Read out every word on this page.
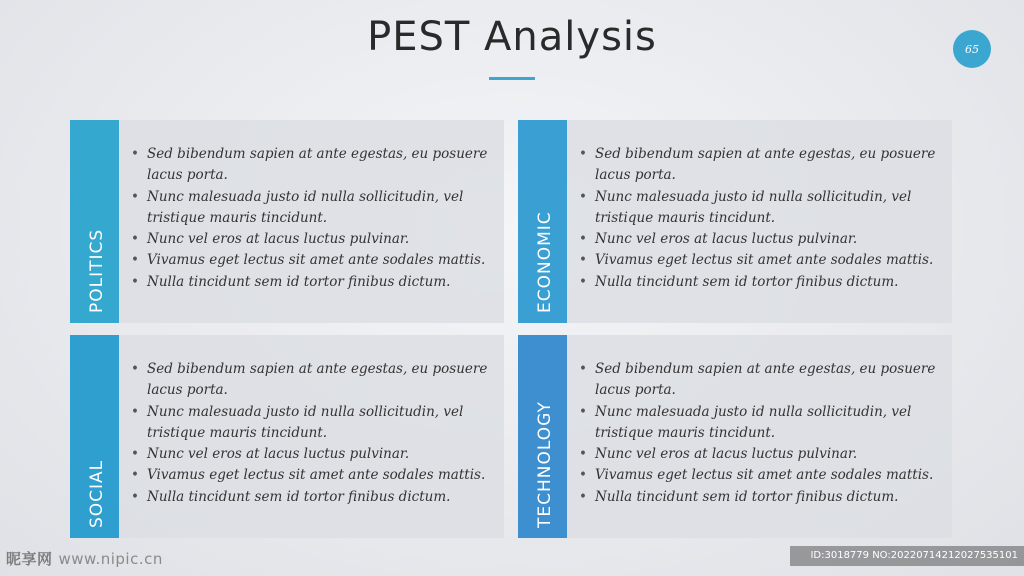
PEST Analysis	65
POLITICS
• Sed bibendum sapien at ante egestas, eu posuere lacus porta.
• Nunc malesuada justo id nulla sollicitudin, vel tristique mauris tincidunt.
• Nunc vel eros at lacus luctus pulvinar.
• Vivamus eget lectus sit amet ante sodales mattis.
• Nulla tincidunt sem id tortor finibus dictum.	ECONOMIC
• Sed bibendum sapien at ante egestas, eu posuere lacus porta.
• Nunc malesuada justo id nulla sollicitudin, vel tristique mauris tincidunt.
• Nunc vel eros at lacus luctus pulvinar.
• Vivamus eget lectus sit amet ante sodales mattis.
• Nulla tincidunt sem id tortor finibus dictum.
SOCIAL
• Sed bibendum sapien at ante egestas, eu posuere lacus porta.
• Nunc malesuada justo id nulla sollicitudin, vel tristique mauris tincidunt.
• Nunc vel eros at lacus luctus pulvinar.
• Vivamus eget lectus sit amet ante sodales mattis.
• Nulla tincidunt sem id tortor finibus dictum.	TECHNOLOGY
• Sed bibendum sapien at ante egestas, eu posuere lacus porta.
• Nunc malesuada justo id nulla sollicitudin, vel tristique mauris tincidunt.
• Nunc vel eros at lacus luctus pulvinar.
• Vivamus eget lectus sit amet ante sodales mattis.
• Nulla tincidunt sem id tortor finibus dictum.
昵享网 www.nipic.cn	ID:3018779 NO:20220714212027535101
